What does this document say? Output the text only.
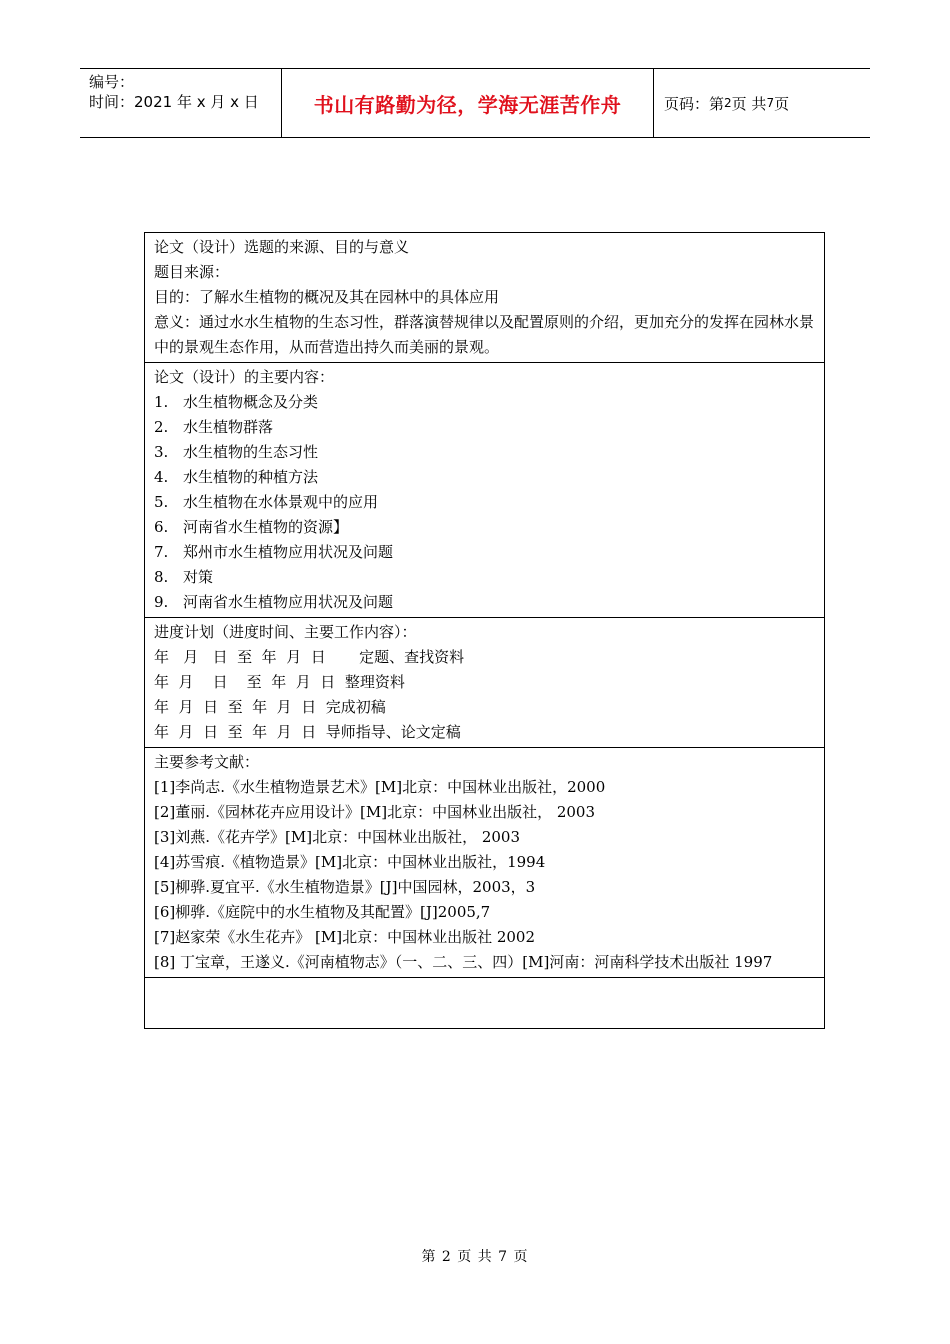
编号：
时间：2021 年 x 月 x 日	书山有路勤为径，学海无涯苦作舟	页码：第 2 页 共 7 页

论文（设计）选题的来源、目的与意义

题目来源：

目的：了解水生植物的概况及其在园林中的具体应用

意义：通过水水生植物的生态习性，群落演替规律以及配置原则的介绍，更加充分的发挥在园林水景中的景观生态作用，从而营造出持久而美丽的景观。

论文（设计）的主要内容：

1. 水生植物概念及分类

2. 水生植物群落

3. 水生植物的生态习性

4. 水生植物的种植方法

5. 水生植物在水体景观中的应用

6. 河南省水生植物的资源】

7. 郑州市水生植物应用状况及问题

8. 对策

9. 河南省水生植物应用状况及问题

进度计划（进度时间、主要工作内容）：

年   月   日  至  年  月  日       定题、查找资料

年  月    日    至  年  月  日  整理资料

年  月  日  至  年  月  日  完成初稿

年  月  日  至  年  月  日  导师指导、论文定稿

主要参考文献：

[1]李尚志.《水生植物造景艺术》[M]北京：中国林业出版社，2000

[2]董丽.《园林花卉应用设计》[M]北京：中国林业出版社， 2003

[3]刘燕.《花卉学》[M]北京：中国林业出版社， 2003

[4]苏雪痕.《植物造景》[M]北京：中国林业出版社，1994

[5]柳骅.夏宜平.《水生植物造景》[J]中国园林，2003，3

[6]柳骅.《庭院中的水生植物及其配置》[J]2005,7

[7]赵家荣《水生花卉》 [M]北京：中国林业出版社 2002

[8] 丁宝章，王遂义.《河南植物志》（一、二、三、四）[M]河南：河南科学技术出版社 1997

第 2 页 共 7 页
